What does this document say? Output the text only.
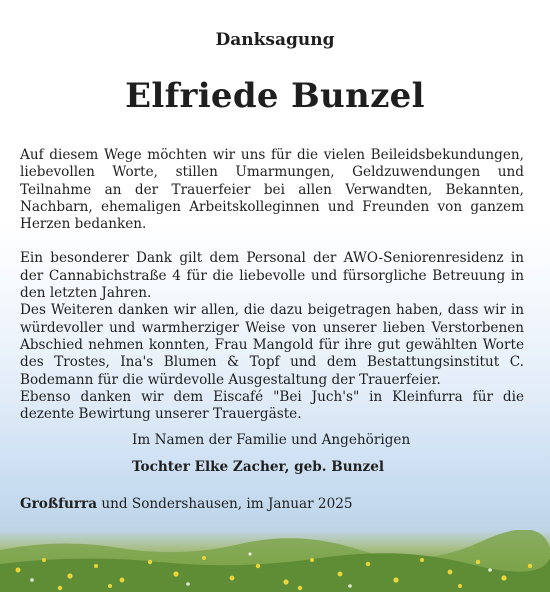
Danksagung
Elfriede Bunzel

Auf diesem Wege möchten wir uns für die vielen Beileidsbekundungen, liebevollen Worte, stillen Umarmungen, Geldzuwendungen und Teilnahme an der Trauerfeier bei allen Verwandten, Bekannten, Nachbarn, ehemaligen Arbeitskolleginnen und Freunden von ganzem Herzen bedanken.

Ein besonderer Dank gilt dem Personal der AWO-Seniorenresidenz in der Cannabichstraße 4 für die liebevolle und fürsorgliche Betreuung in den letzten Jahren.

Des Weiteren danken wir allen, die dazu beigetragen haben, dass wir in würdevoller und warmherziger Weise von unserer lieben Verstorbenen Abschied nehmen konnten, Frau Mangold für ihre gut gewählten Worte des Trostes, Ina's Blumen & Topf und dem Bestattungsinstitut C. Bodemann für die würdevolle Ausgestaltung der Trauerfeier.

Ebenso danken wir dem Eiscafé "Bei Juch's" in Kleinfurra für die dezente Bewirtung unserer Trauergäste.

Im Namen der Familie und Angehörigen

Tochter Elke Zacher, geb. Bunzel

Großfurra und Sondershausen, im Januar 2025
